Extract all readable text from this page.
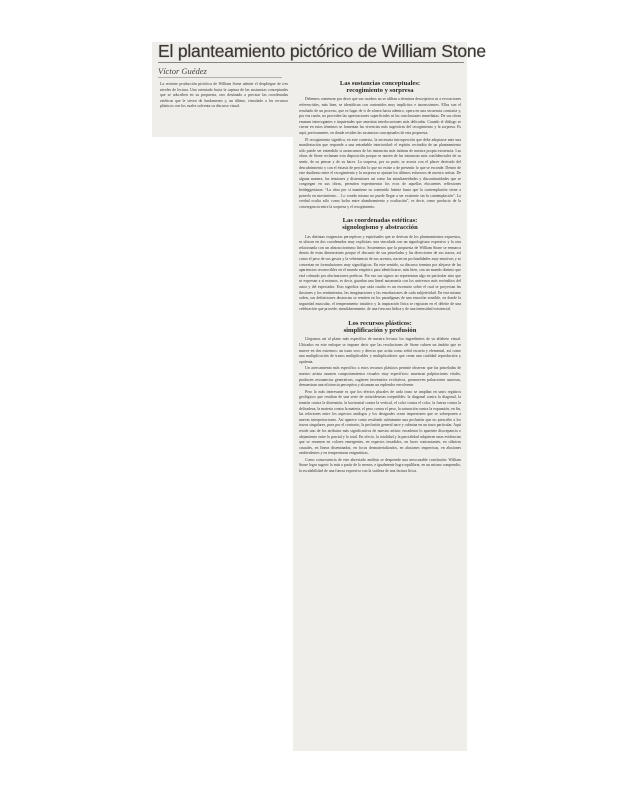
El planteamiento pictórico de William Stone
Víctor Guédez
La reciente producción pictórica de William Stone admite el despliegue de tres niveles de lectura. Uno orientado hacia la captura de las sustancias conceptuales que se adscriben en su propuesta, otro destinado a precisar las coordenadas estéticas que le sirven de fundamento y, un último, vinculado a los recursos plásticos con los cuales solventa su discurso visual.
Las sustancias conceptuales:
recogimiento y sorpresa

Debemos comenzar por decir que sus cuadros no se afilian a términos descriptivos ni a evocaciones referenciales, más bien, se identifican con contenidos muy implícitos e inconscientes. Ellos son el resultado de un proceso, que es lugar de ir de afuera hacia adentro, opera en una secuencia contraria y, por esa razón, no proceden las apreciaciones superficiales ni las conclusiones inmediatas. De sus obras emanan interrogantes e inquietudes que ameritan interlocuciones más delicadas. Cuando el diálogo se cierne en estos términos se fomentan las vivencias más sugestivas del recogimiento y la sorpresa. Es aquí, precisamente, en donde residen las sustancias conceptuales de esta propuesta.

El recogimiento significa, en este contexto, la necesaria introspección que debe adoptarse ante una manifestación que responde a una entrañable interioridad: el espíritu recóndito de un planteamiento sólo puede ser entendido si arrancamos de las instancias más íntimas de nuestra propia existencia. Las obras de Stone reclaman esta disposición porque se nutren de las instancias más confidenciales de su sentir, de su pensar y de su hacer. La sorpresa, por su parte, se asocia con el placer derivado del descubrimiento y con el éxtasis de percibir lo que no existe o de presentir lo que se esconde. Dentro de este dualismo entre el recogimiento y la sorpresa se ajustan los últimos esfuerzos de nuestro artista. De alguna manera, las tensiones y distensiones así como las simultaneidades y discontinuidades que se congregan en sus obras, permiten experimentar los ecos de aquellas elocuentes reflexiones heideggerianas: “La obra por sí mantiene su contenido latente hasta que la contemplación viene a ponerlo en movimiento… Lo creado mismo no puede llegar a ser existente sin la contemplación”. La verdad oculta sólo como lucha entre alumbramiento y ocultación”, es decir, como producto de la convergencia entre la sorpresa y el recogimiento.

Las coordenadas estéticas:
signologismo y abstracción

Las distintas exigencias perceptivas y espirituales que se derivan de los planteamientos expuestos, se ubican en dos coordenadas muy explícitas: una vinculada con un signologismo expresivo y la otra relacionada con un abstraccionismo lírico. Sostenemos que la propuesta de William Stone se enmarca dentro de estas dimensiones porque el discurrir de sus pinceladas y las direcciones de sus trazos, así como el peso de sus gestos y la vehemencia de sus acentos, nacen en profundidades muy emotivas y se concretan en formulaciones muy signológicas. En este sentido, su discurso termina por alejarse de las apariencias reconocibles en el mundo empírico para identificarse, más bien, con un mundo distinto que está colmado por alucinaciones poéticas. Por eso sus signos no representan algo en particular sino que se expresan a sí mismos, es decir, guardan una lineal autonomía con los universos más recónditos del autor y del espectador. Esto significa que cada cuadro es un escenario sobre el cual se proyectan las ilusiones y los sentimientos, las imaginaciones y las ensoñaciones de cada subjetividad. En este mismo orden, sus definiciones abstractas se remiten en los paradigmas de una emoción sensible, en donde la seguridad muscular, el temperamento intuitivo y la inspiración lírica se registran en el deleite de una celebración que procede, simultáneamente, de una frescura lúdica y de una intensidad existencial.

Los recursos plásticos:
simplificación y profusión

Llegamos así al plano más específico de nuestra lectura: los ingredientes de su alfabeto visual. Ubicados en este enfoque se impone decir que las resoluciones de Stone cubren un ámbito que se mueve en dos extremos: un trazo seco y directo que actúa como señal escueta y elemental, así como una multiplicación de trazos multiplicables y multiplicadores que crean una cualidad reproductiva y opulenta.

Un acercamiento más específico a estos recursos plásticos permite observar que las pinceladas de nuestro artista asumen comportamientos visuales muy específicos: muestran palpitaciones vitales, producen resonancias generativas, sugieren inventarios evolutivos, promueven pulsaciones azarosas, demuestran una eficiencia perceptiva y alcanzan un esplendor envolvente.

Pero lo más interesante es que los efectos plurales de cada trazo se amplían en unos registros geológicos que resultan de una serie de coincidencias irrepetibles: la diagonal contra la diagonal, la tensión contra la distensión, la horizontal contra la vertical, el color contra el color, la fuerza contra la delicadeza, la materia contra la materia, el peso contra el peso, la saturación contra la expansión, en fin, las relaciones entre los aspectos análogos y los desiguales crean impresiones que se sobreponen a nuevas interpretaciones. Así aparece como resultado culminante una profusión que no prescribe a los trazos singulares, pues por el contrario, la profusión general nace y culmina en un trazo particular. Aquí reside uno de los atributos más significativos de nuestro artista: encadenar lo aparente discrepancia o alejamiento entre lo parcial y lo total. En efecto, la totalidad y la parcialidad adquieren unas evidencias que se resumen en colores emergentes, en espacios invadidos, en luces contrastantes, en rúbricas casuales, en líneas diseminadas, en focos desmaterializados, en alusiones imprecisas, en alusiones ambivalentes y en temperaturas enigmáticas.

Como consecuencia de este abreviado análisis se desprende una inexcusable conclusión: William Stone logra sugerir lo más a partir de lo menos, e igualmente logra equilibrar, en un mismo compendio, la escalabilidad de una fuerza expresiva con la sutileza de una factura lírica.
